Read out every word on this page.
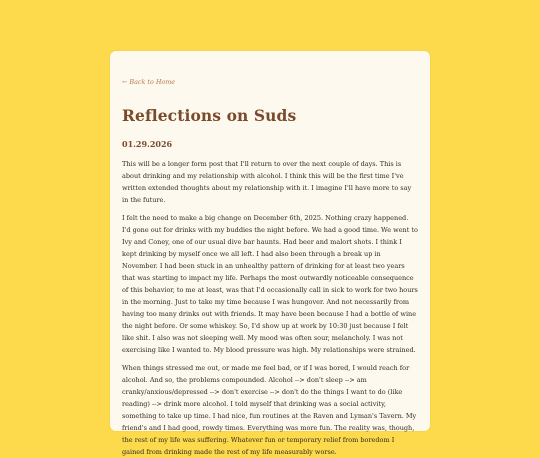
← Back to Home
Reflections on Suds
01.29.2026

This will be a longer form post that I'll return to over the next couple of days. This is about drinking and my relationship with alcohol. I think this will be the first time I've written extended thoughts about my relationship with it. I imagine I'll have more to say in the future.

I felt the need to make a big change on December 6th, 2025. Nothing crazy happened. I'd gone out for drinks with my buddies the night before. We had a good time. We went to Ivy and Coney, one of our usual dive bar haunts. Had beer and malort shots. I think I kept drinking by myself once we all left. I had also been through a break up in November. I had been stuck in an unhealthy pattern of drinking for at least two years that was starting to impact my life. Perhaps the most outwardly noticeable consequence of this behavior, to me at least, was that I'd occasionally call in sick to work for two hours in the morning. Just to take my time because I was hungover. And not necessarily from having too many drinks out with friends. It may have been because I had a bottle of wine the night before. Or some whiskey. So, I'd show up at work by 10:30 just because I felt like shit. I also was not sleeping well. My mood was often sour, melancholy. I was not exercising like I wanted to. My blood pressure was high. My relationships were strained.

When things stressed me out, or made me feel bad, or if I was bored, I would reach for alcohol. And so, the problems compounded. Alcohol --> don't sleep --> am cranky/anxious/depressed --> don't exercise --> don't do the things I want to do (like reading) --> drink more alcohol. I told myself that drinking was a social activity, something to take up time. I had nice, fun routines at the Raven and Lyman's Tavern. My friend's and I had good, rowdy times. Everything was more fun. The reality was, though, the rest of my life was suffering. Whatever fun or temporary relief from boredom I gained from drinking made the rest of my life measurably worse.
